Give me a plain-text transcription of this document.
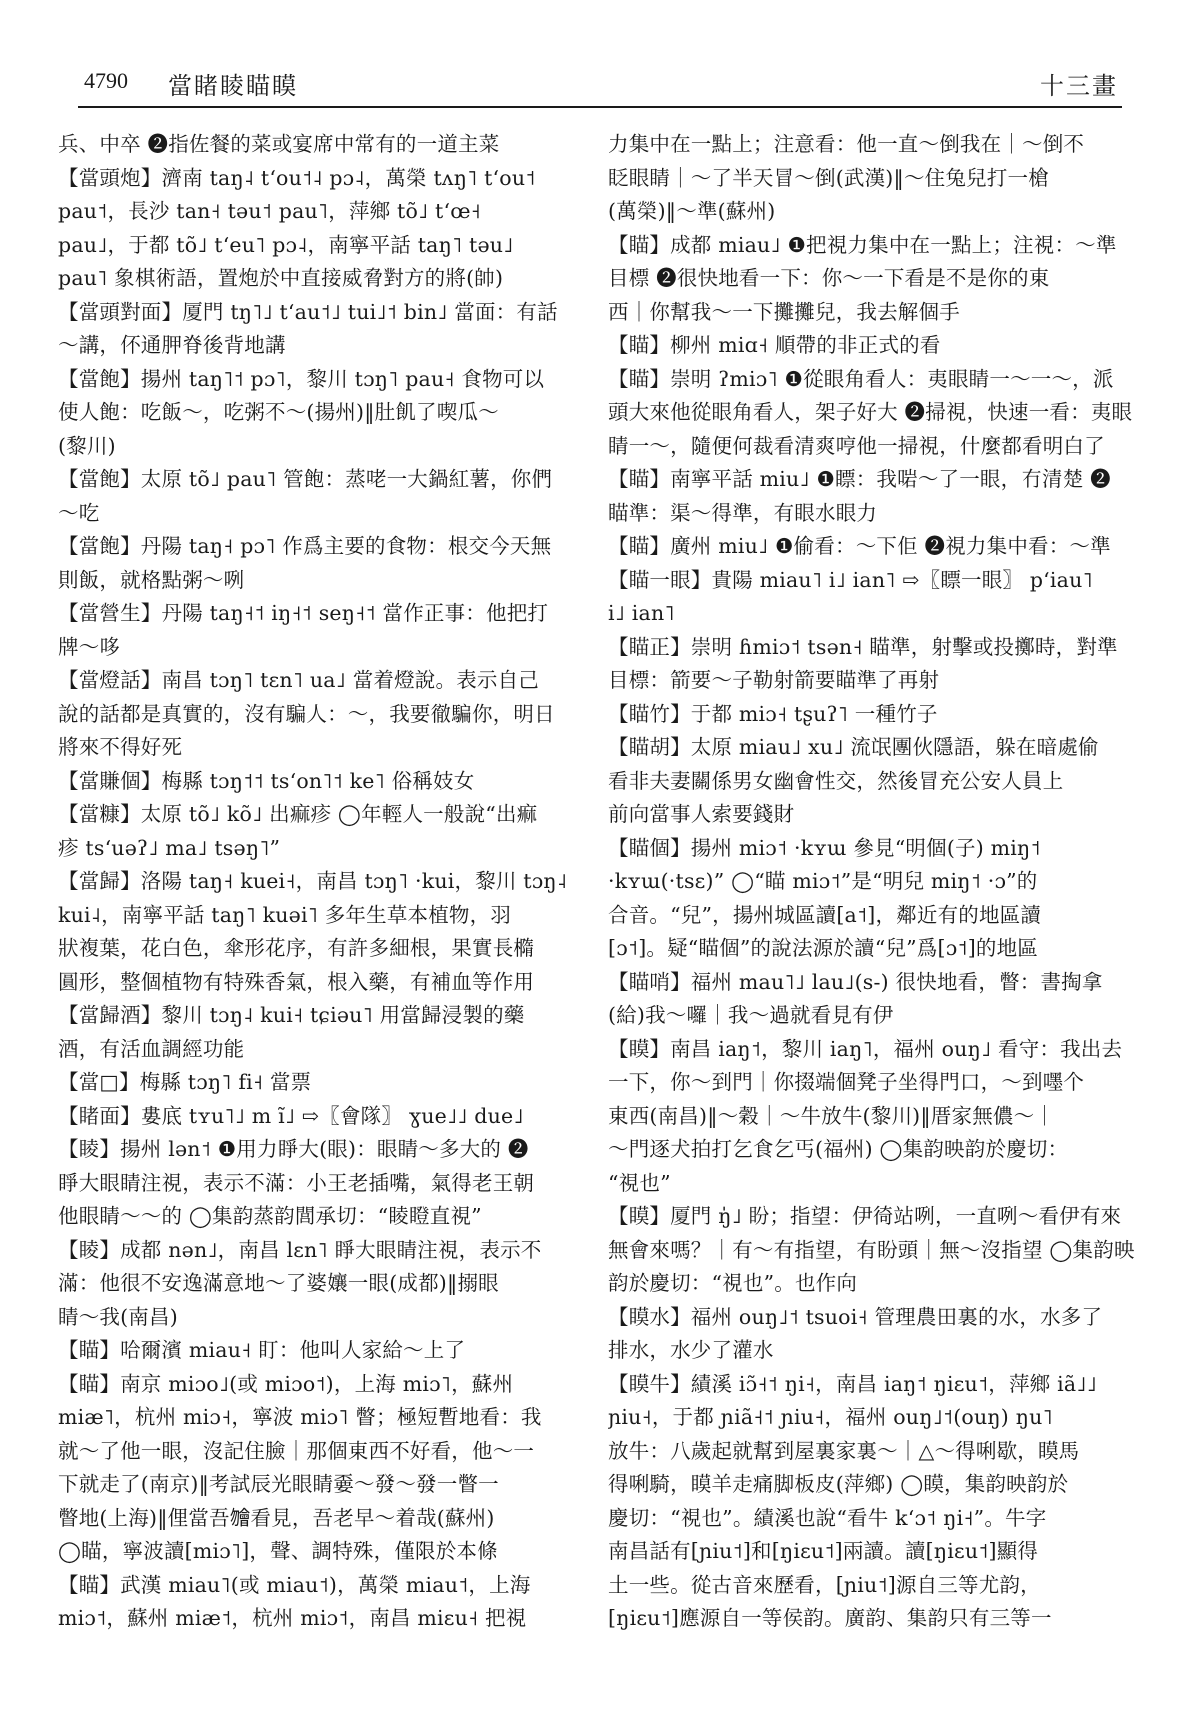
4790 當睹睖瞄瞙	十三畫
兵、中卒 ❷指佐餐的菜或宴席中常有的一道主菜
【當頭炮】濟南 taŋ˨ tʻou˦˨ pɔ˨，萬榮 tʌŋ˥ tʻou˦
pau˦，長沙 tan˧ təu˦ pau˥，萍鄉 tõ˩ tʻœ˧
pau˩，于都 tõ˩ tʻeu˥ pɔ˨，南寧平話 taŋ˥ təu˩
pau˥ 象棋術語，置炮於中直接威脅對方的將(帥)
【當頭對面】厦門 tŋ˥˩ tʻau˦˩ tui˩˦ bin˩ 當面：有話
～講，伓通胛脊後背地講
【當飽】揚州 taŋ˥˦ pɔ˥，黎川 tɔŋ˥ pau˧ 食物可以
使人飽：吃飯～，吃粥不～(揚州)‖肚飢了喫瓜～
(黎川)
【當飽】太原 tõ˩ pau˥ 管飽：蒸咾一大鍋紅薯，你們
～吃
【當飽】丹陽 taŋ˧ pɔ˥ 作爲主要的食物：根交今天無
則飯，就格點粥～咧
【當營生】丹陽 taŋ˧˦ iŋ˧˦ seŋ˧˦ 當作正事：他把打
牌～哆
【當燈話】南昌 tɔŋ˥ tɛn˥ ua˩ 當着燈說。表示自己
說的話都是真實的，沒有騙人：～，我要徹騙你，明日
將來不得好死
【當賺個】梅縣 tɔŋ˦˦ tsʻon˥˦ ke˥ 俗稱妓女
【當糠】太原 tõ˩ kõ˩ 出痲疹 ◯年輕人一般說“出痲
疹 tsʻuəʔ˩ ma˩ tsəŋ˥”
【當歸】洛陽 taŋ˧ kuei˧，南昌 tɔŋ˥ ·kui，黎川 tɔŋ˨
kui˨，南寧平話 taŋ˥ kuəi˥ 多年生草本植物，羽
狀複葉，花白色，傘形花序，有許多細根，果實長橢
圓形，整個植物有特殊香氣，根入藥，有補血等作用
【當歸酒】黎川 tɔŋ˨ kui˧ tɕiəu˥ 用當歸浸製的藥
酒，有活血調經功能
【當□】梅縣 tɔŋ˥ fi˧ 當票
【睹面】婁底 tʏu˥˩ m ĩ˩ ⇨〖會隊〗 ɣue˩˩ due˩
【睖】揚州 lən˦ ❶用力睜大(眼)：眼睛～多大的 ❷
睜大眼睛注視，表示不滿：小王老插嘴，氣得老王朝
他眼睛～～的 ◯集韵蒸韵閭承切：“睖瞪直視”
【睖】成都 nən˩，南昌 lɛn˥ 睜大眼睛注視，表示不
滿：他很不安逸滿意地～了婆孃一眼(成都)‖搦眼
睛～我(南昌)
【瞄】哈爾濱 miau˧ 盯：他叫人家給～上了
【瞄】南京 miɔo˩(或 miɔo˦)，上海 miɔ˥，蘇州
miæ˥，杭州 miɔ˧，寧波 miɔ˥ 瞥；極短暫地看：我
就～了他一眼，沒記住臉｜那個東西不好看，他～一
下就走了(南京)‖考試辰光眼睛嫑～發～發一瞥一
瞥地(上海)‖俚當吾𣍐看見，吾老早～着哉(蘇州)
◯瞄，寧波讀[miɔ˥]，聲、調特殊，僅限於本條
【瞄】武漢 miau˥(或 miau˦)，萬榮 miau˦，上海
miɔ˦，蘇州 miæ˦，杭州 miɔ˦，南昌 miɛu˧ 把視
力集中在一點上；注意看：他一直～倒我在｜～倒不
眨眼睛｜～了半天冒～倒(武漢)‖～住兔兒打一槍
(萬榮)‖～準(蘇州)
【瞄】成都 miau˩ ❶把視力集中在一點上；注視：～準
目標 ❷很快地看一下：你～一下看是不是你的東
西｜你幫我～一下攤攤兒，我去解個手
【瞄】柳州 miɑ˧ 順帶的非正式的看
【瞄】崇明 ʔmiɔ˥ ❶從眼角看人：夷眼睛一～一～，派
頭大來他從眼角看人，架子好大 ❷掃視，快速一看：夷眼
睛一～，隨便何裁看清爽哼他一掃視，什麼都看明白了
【瞄】南寧平話 miu˩ ❶瞟：我啱～了一眼，冇清楚 ❷
瞄準：渠～得準，有眼水眼力
【瞄】廣州 miu˩ ❶偷看：～下佢 ❷視力集中看：～準
【瞄一眼】貴陽 miau˥ i˩ ian˥ ⇨〖瞟一眼〗 pʻiau˥
i˩ ian˥
【瞄正】崇明 ɦmiɔ˦ tsən˧ 瞄準，射擊或投擲時，對準
目標：箭要～子勒射箭要瞄準了再射
【瞄竹】于都 miɔ˧ tʂuʔ˥ 一種竹子
【瞄胡】太原 miau˩ xu˩ 流氓團伙隱語，躲在暗處偷
看非夫妻關係男女幽會性交，然後冒充公安人員上
前向當事人索要錢財
【瞄個】揚州 miɔ˦ ·kʏɯ 參見“明個(子) miŋ˦
·kʏɯ(·tsɛ)” ◯“瞄 miɔ˦”是“明兒 miŋ˦ ·ɔ”的
合音。“兒”，揚州城區讀[a˦]，鄰近有的地區讀
[ɔ˦]。疑“瞄個”的說法源於讀“兒”爲[ɔ˦]的地區
【瞄哨】福州 mau˥˩ lau˩(s-) 很快地看，瞥：書掏拿
(給)我～囉｜我～過就看見有伊
【瞙】南昌 iaŋ˦，黎川 iaŋ˥，福州 ouŋ˩ 看守：我出去
一下，你～到門｜你掇端個凳子坐得門口，～到嚜个
東西(南昌)‖～穀｜～牛放牛(黎川)‖厝家無儂～｜
～門逐犬拍打乞食乞丐(福州) ◯集韵映韵於慶切：
“視也”
【瞙】厦門 ŋ̍˩ 盼；指望：伊徛站咧，一直咧～看伊有來
無會來嗎？｜有～有指望，有盼頭｜無～沒指望 ◯集韵映
韵於慶切：“視也”。也作向
【瞙水】福州 ouŋ˩˦ tsuoi˧ 管理農田裏的水，水多了
排水，水少了灌水
【瞙牛】績溪 iɔ̃˧˦ ŋi˧，南昌 iaŋ˦ ŋiɛu˦，萍鄉 iã˩˩
ɲiu˧，于都 ɲiã˧˦ ɲiu˧，福州 ouŋ˩˦(ouŋ) ŋu˥
放牛：八歲起就幫到屋裏家裏～｜△～得唎歇，瞙馬
得唎騎，瞙羊走痛脚板皮(萍鄉) ◯瞙，集韵映韵於
慶切：“視也”。績溪也說“看牛 kʻɔ˦ ŋi˧”。牛字
南昌話有[ɲiu˦]和[ŋiɛu˦]兩讀。讀[ŋiɛu˦]顯得
土一些。從古音來歷看，[ɲiu˦]源自三等尤韵，
[ŋiɛu˦]應源自一等侯韵。廣韵、集韵只有三等一
